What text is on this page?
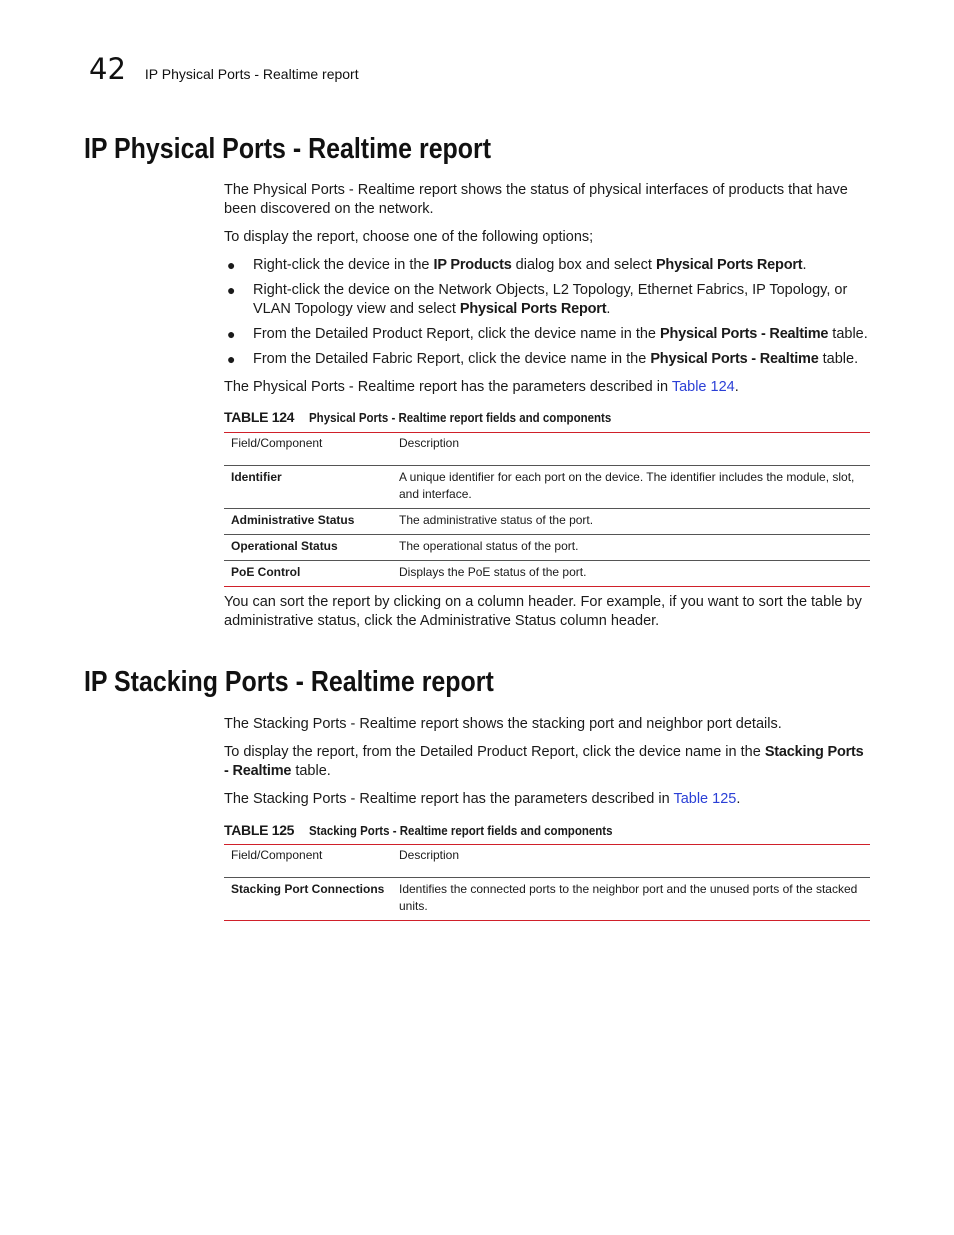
42 IP Physical Ports - Realtime report
IP Physical Ports - Realtime report

The Physical Ports - Realtime report shows the status of physical interfaces of products that have been discovered on the network.

To display the report, choose one of the following options;

● Right-click the device in the IP Products dialog box and select Physical Ports Report.
● Right-click the device on the Network Objects, L2 Topology, Ethernet Fabrics, IP Topology, or VLAN Topology view and select Physical Ports Report.
● From the Detailed Product Report, click the device name in the Physical Ports - Realtime table.
● From the Detailed Fabric Report, click the device name in the Physical Ports - Realtime table.

The Physical Ports - Realtime report has the parameters described in Table 124.

TABLE 124	Physical Ports - Realtime report fields and components
Field/Component	Description
Identifier	A unique identifier for each port on the device. The identifier includes the module, slot, and interface.
Administrative Status	The administrative status of the port.
Operational Status	The operational status of the port.
PoE Control	Displays the PoE status of the port.

You can sort the report by clicking on a column header. For example, if you want to sort the table by administrative status, click the Administrative Status column header.

IP Stacking Ports - Realtime report

The Stacking Ports - Realtime report shows the stacking port and neighbor port details.

To display the report, from the Detailed Product Report, click the device name in the Stacking Ports - Realtime table.

The Stacking Ports - Realtime report has the parameters described in Table 125.

TABLE 125	Stacking Ports - Realtime report fields and components
Field/Component	Description
Stacking Port Connections	Identifies the connected ports to the neighbor port and the unused ports of the stacked units.
